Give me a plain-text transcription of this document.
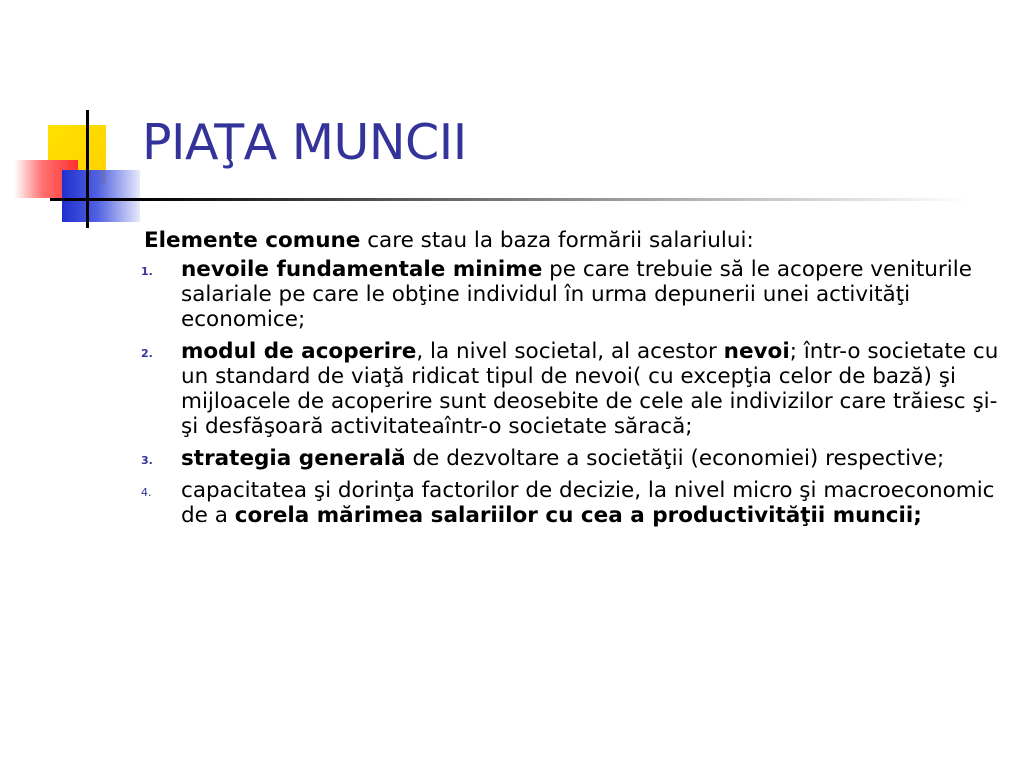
PIAŢA MUNCII

Elemente comune care stau la baza formării salariului:

1. nevoile fundamentale minime pe care trebuie să le acopere veniturile salariale pe care le obţine individul în urma depunerii unei activităţi economice;
2. modul de acoperire, la nivel societal, al acestor nevoi; într-o societate cu un standard de viaţă ridicat tipul de nevoi( cu excepţia celor de bază) şi mijloacele de acoperire sunt deosebite de cele ale indivizilor care trăiesc şi-şi desfăşoară activitateaîntr-o societate săracă;
3. strategia generală de dezvoltare a societăţii (economiei) respective;
4. capacitatea şi dorinţa factorilor de decizie, la nivel micro şi macroeconomic de a corela mărimea salariilor cu cea a productivităţii muncii;
